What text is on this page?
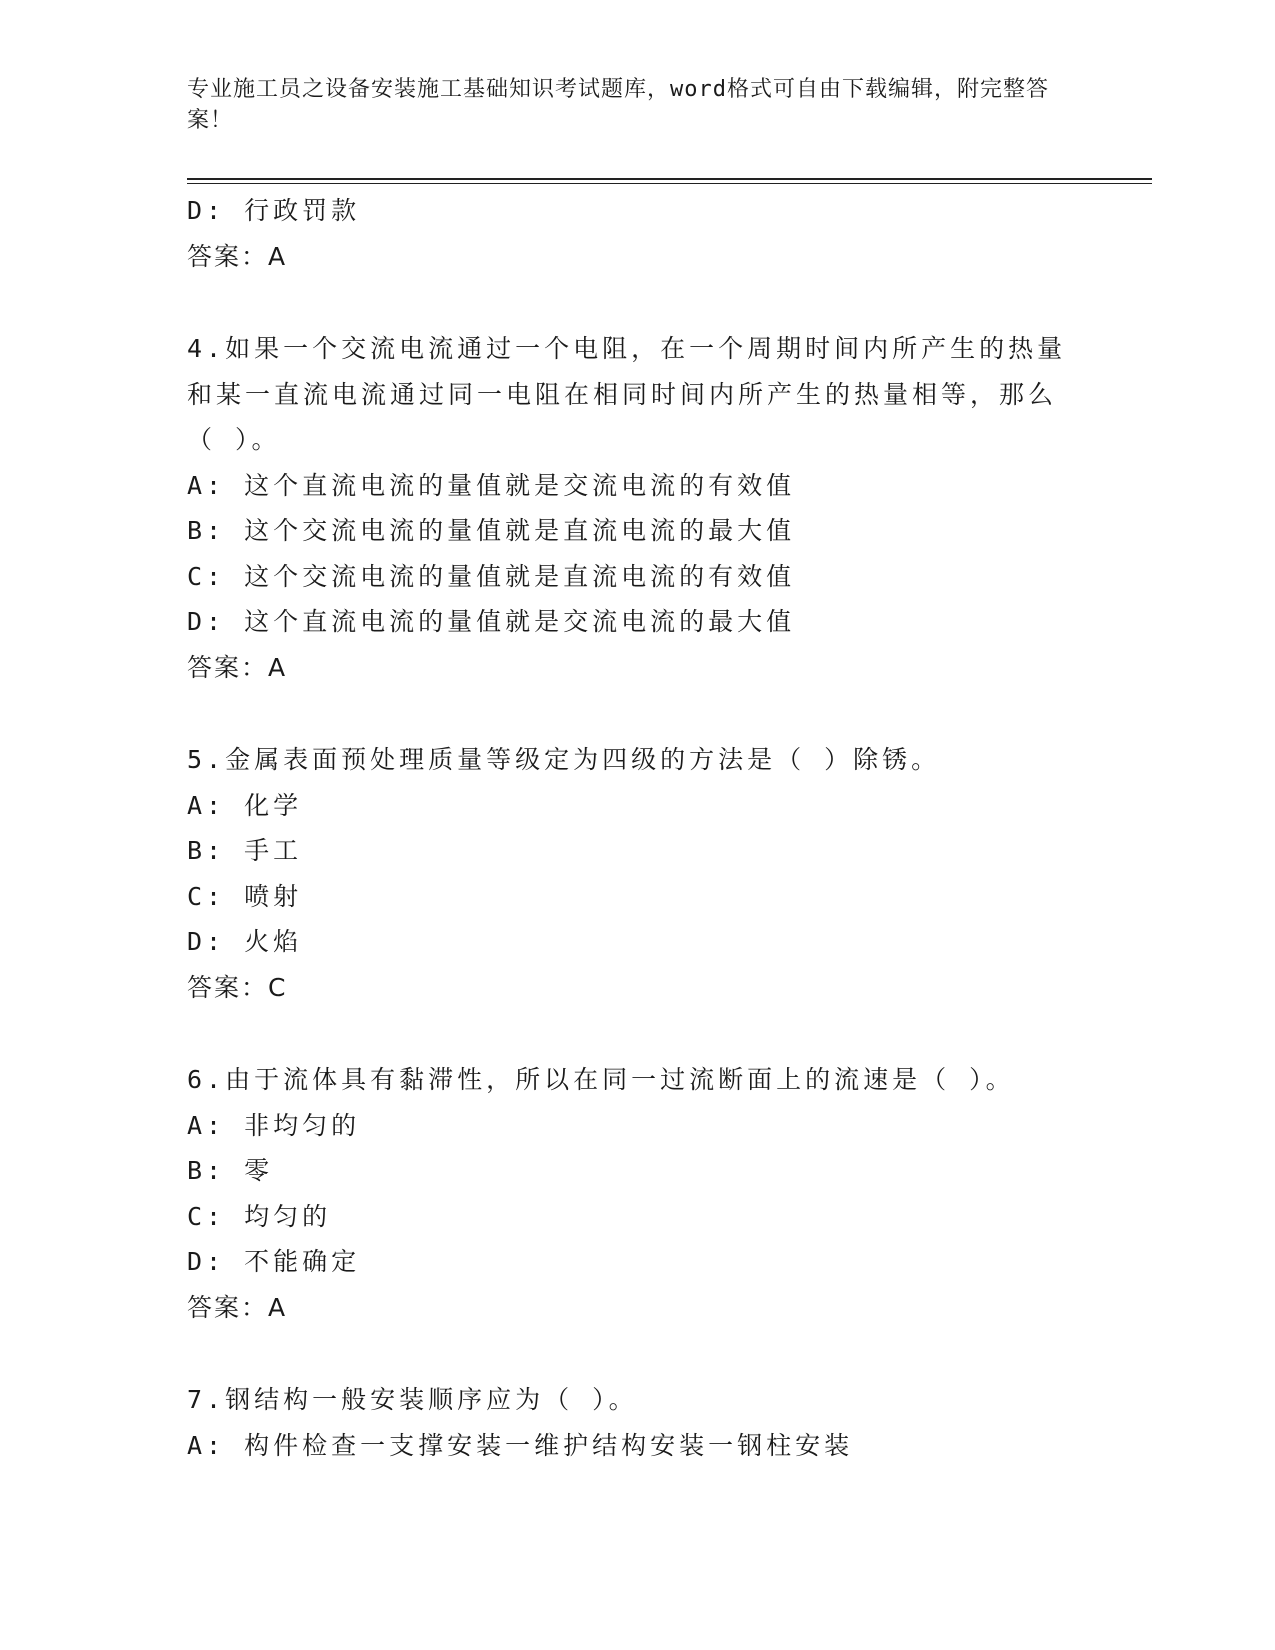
专业施工员之设备安装施工基础知识考试题库，word格式可自由下载编辑，附完整答案！
D: 行政罚款
答案：A
4.如果一个交流电流通过一个电阻，在一个周期时间内所产生的热量和某一直流电流通过同一电阻在相同时间内所产生的热量相等，那么（ ）。
A: 这个直流电流的量值就是交流电流的有效值
B: 这个交流电流的量值就是直流电流的最大值
C: 这个交流电流的量值就是直流电流的有效值
D: 这个直流电流的量值就是交流电流的最大值
答案：A
5.金属表面预处理质量等级定为四级的方法是（ ）除锈。
A: 化学
B: 手工
C: 喷射
D: 火焰
答案：C
6.由于流体具有黏滞性，所以在同一过流断面上的流速是（ ）。
A: 非均匀的
B: 零
C: 均匀的
D: 不能确定
答案：A
7.钢结构一般安装顺序应为（ ）。
A: 构件检查一支撑安装一维护结构安装一钢柱安装
